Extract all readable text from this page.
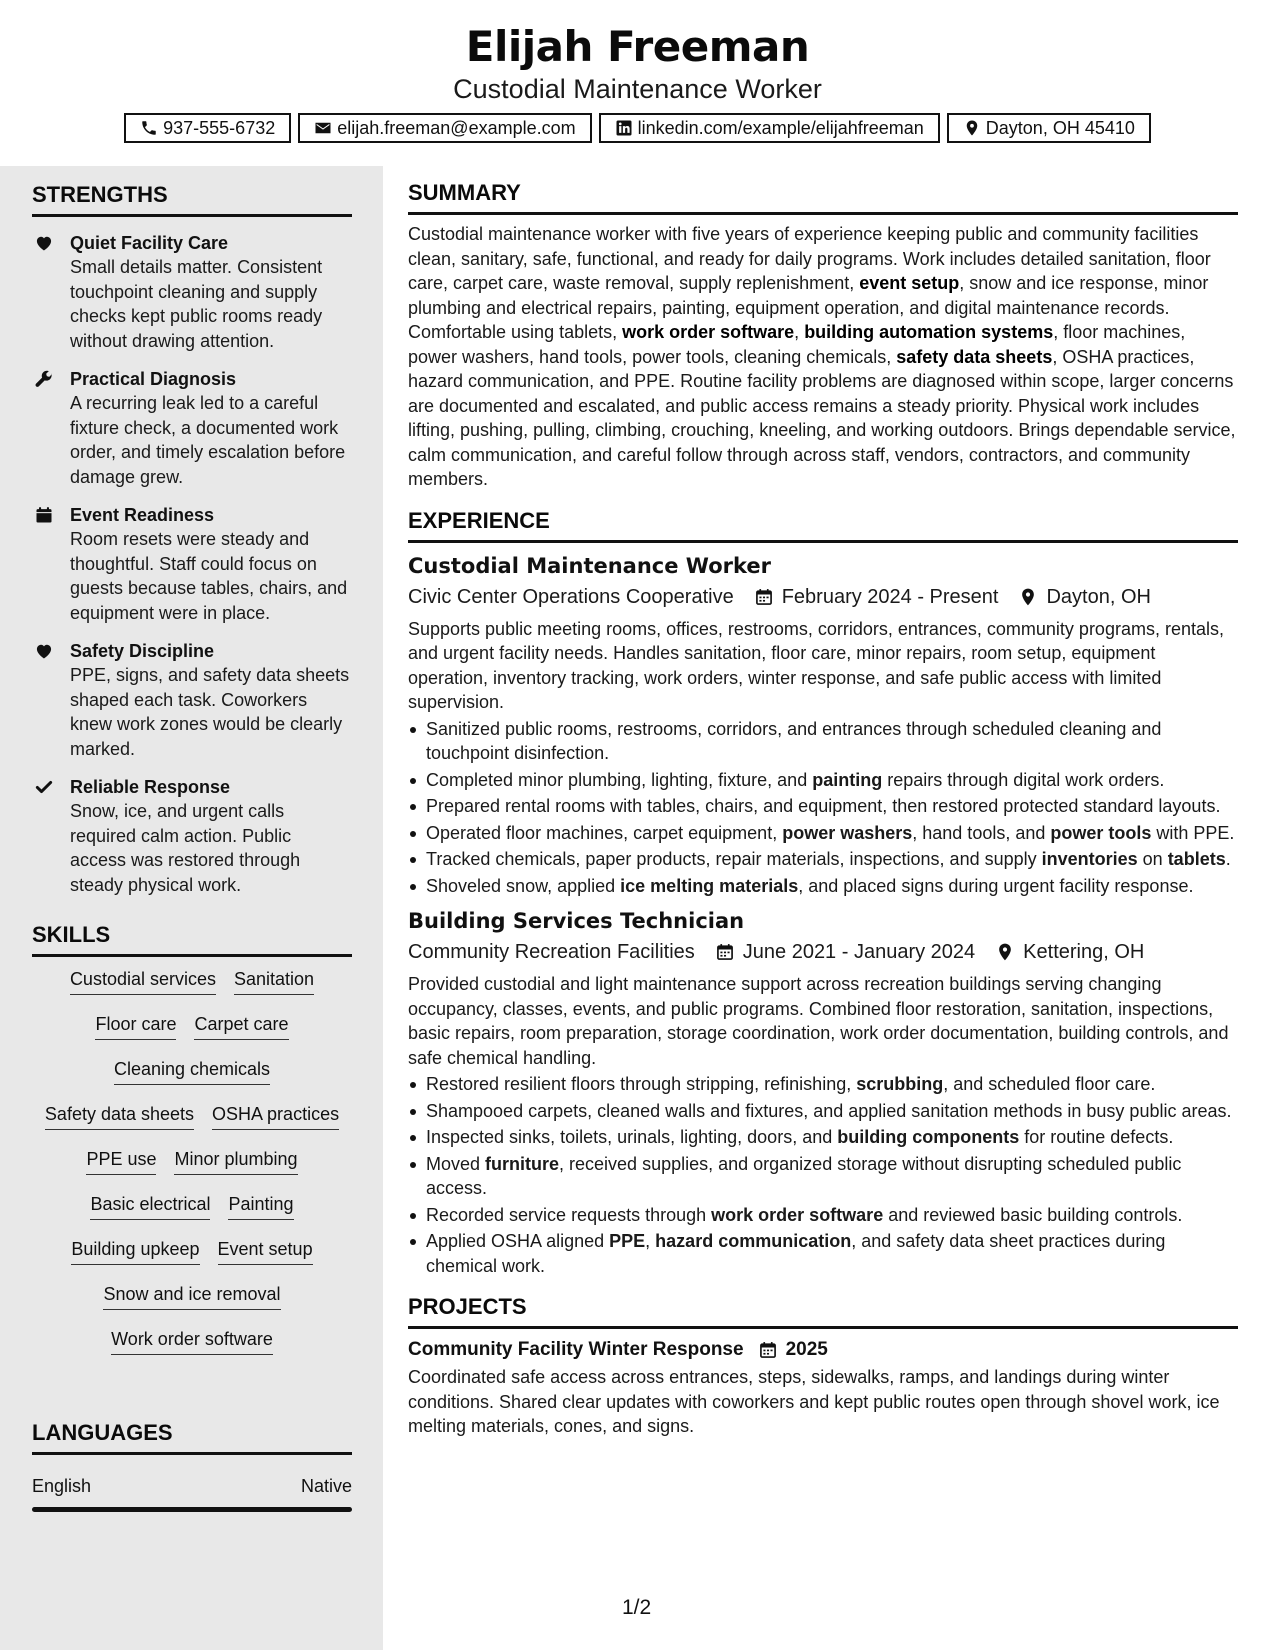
Elijah Freeman
Custodial Maintenance Worker
937-555-6732	elijah.freeman@example.com	linkedin.com/example/elijahfreeman	Dayton, OH 45410
STRENGTHS
Quiet Facility Care
Small details matter. Consistent touchpoint cleaning and supply checks kept public rooms ready without drawing attention.
Practical Diagnosis
A recurring leak led to a careful fixture check, a documented work order, and timely escalation before damage grew.
Event Readiness
Room resets were steady and thoughtful. Staff could focus on guests because tables, chairs, and equipment were in place.
Safety Discipline
PPE, signs, and safety data sheets shaped each task. Coworkers knew work zones would be clearly marked.
Reliable Response
Snow, ice, and urgent calls required calm action. Public access was restored through steady physical work.
SKILLS
Custodial services Sanitation
Floor care Carpet care
Cleaning chemicals
Safety data sheets OSHA practices
PPE use Minor plumbing
Basic electrical Painting
Building upkeep Event setup
Snow and ice removal
Work order software
LANGUAGES
English	Native
SUMMARY
Custodial maintenance worker with five years of experience keeping public and community facilities clean, sanitary, safe, functional, and ready for daily programs. Work includes detailed sanitation, floor care, carpet care, waste removal, supply replenishment, event setup, snow and ice response, minor plumbing and electrical repairs, painting, equipment operation, and digital maintenance records. Comfortable using tablets, work order software, building automation systems, floor machines, power washers, hand tools, power tools, cleaning chemicals, safety data sheets, OSHA practices, hazard communication, and PPE. Routine facility problems are diagnosed within scope, larger concerns are documented and escalated, and public access remains a steady priority. Physical work includes lifting, pushing, pulling, climbing, crouching, kneeling, and working outdoors. Brings dependable service, calm communication, and careful follow through across staff, vendors, contractors, and community members.
EXPERIENCE
Custodial Maintenance Worker
Civic Center Operations Cooperative February 2024 - Present Dayton, OH
Supports public meeting rooms, offices, restrooms, corridors, entrances, community programs, rentals, and urgent facility needs. Handles sanitation, floor care, minor repairs, room setup, equipment operation, inventory tracking, work orders, winter response, and safe public access with limited supervision.
Sanitized public rooms, restrooms, corridors, and entrances through scheduled cleaning and touchpoint disinfection.
Completed minor plumbing, lighting, fixture, and painting repairs through digital work orders.
Prepared rental rooms with tables, chairs, and equipment, then restored protected standard layouts.
Operated floor machines, carpet equipment, power washers, hand tools, and power tools with PPE.
Tracked chemicals, paper products, repair materials, inspections, and supply inventories on tablets.
Shoveled snow, applied ice melting materials, and placed signs during urgent facility response.
Building Services Technician
Community Recreation Facilities June 2021 - January 2024 Kettering, OH
Provided custodial and light maintenance support across recreation buildings serving changing occupancy, classes, events, and public programs. Combined floor restoration, sanitation, inspections, basic repairs, room preparation, storage coordination, work order documentation, building controls, and safe chemical handling.
Restored resilient floors through stripping, refinishing, scrubbing, and scheduled floor care.
Shampooed carpets, cleaned walls and fixtures, and applied sanitation methods in busy public areas.
Inspected sinks, toilets, urinals, lighting, doors, and building components for routine defects.
Moved furniture, received supplies, and organized storage without disrupting scheduled public access.
Recorded service requests through work order software and reviewed basic building controls.
Applied OSHA aligned PPE, hazard communication, and safety data sheet practices during chemical work.
PROJECTS
Community Facility Winter Response 2025
Coordinated safe access across entrances, steps, sidewalks, ramps, and landings during winter conditions. Shared clear updates with coworkers and kept public routes open through shovel work, ice melting materials, cones, and signs.
1/2
